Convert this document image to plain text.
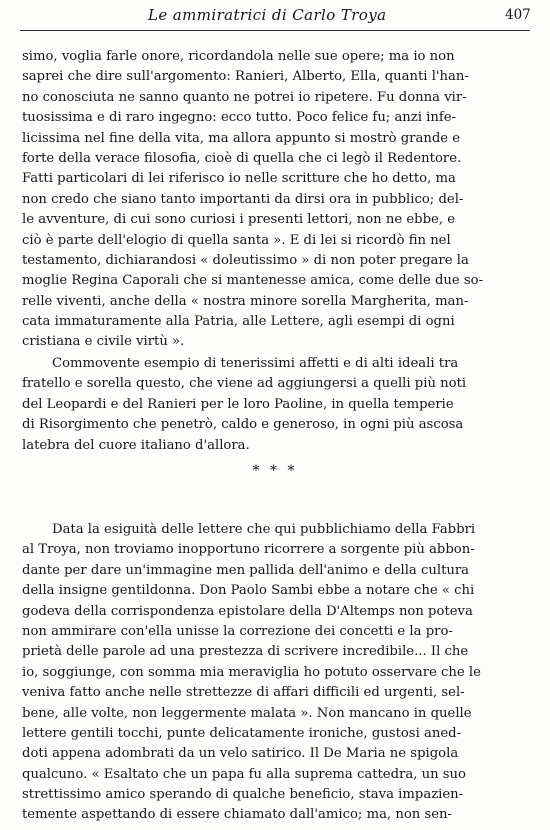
Le ammiratrici di Carlo Troya	407
simo, voglia farle onore, ricordandola nelle sue opere; ma io non
saprei che dire sull'argomento: Ranieri, Alberto, Ella, quanti l'han-
no conosciuta ne sanno quanto ne potrei io ripetere. Fu donna vir-
tuosissima e di raro ingegno: ecco tutto. Poco felice fu; anzi infe-
licissima nel fine della vita, ma allora appunto si mostrò grande e
forte della verace filosofia, cioè di quella che ci legò il Redentore.
Fatti particolari di lei riferisco io nelle scritture che ho detto, ma
non credo che siano tanto importanti da dirsi ora in pubblico; del-
le avventure, di cui sono curiosi i presenti lettori, non ne ebbe, e
ciò è parte dell'elogio di quella santa ». E di lei si ricordò fin nel
testamento, dichiarandosi « doleutissimo » di non poter pregare la
moglie Regina Caporali che si mantenesse amica, come delle due so-
relle viventi, anche della « nostra minore sorella Margherita, man-
cata immaturamente alla Patria, alle Lettere, agli esempi di ogni
cristiana e civile virtù ».
Commovente esempio di tenerissimi affetti e di alti ideali tra
fratello e sorella questo, che viene ad aggiungersi a quelli più noti
del Leopardi e del Ranieri per le loro Paoline, in quella temperie
di Risorgimento che penetrò, caldo e generoso, in ogni più ascosa
latebra del cuore italiano d'allora.
* * *
Data la esiguità delle lettere che qui pubblichiamo della Fabbri
al Troya, non troviamo inopportuno ricorrere a sorgente più abbon-
dante per dare un'immagine men pallida dell'animo e della cultura
della insigne gentildonna. Don Paolo Sambi ebbe a notare che « chi
godeva della corrispondenza epistolare della D'Altemps non poteva
non ammirare con'ella unisse la correzione dei concetti e la pro-
prietà delle parole ad una prestezza di scrivere incredibile... Il che
io, soggiunge, con somma mia meraviglia ho potuto osservare che le
veniva fatto anche nelle strettezze di affari difficili ed urgenti, sel-
bene, alle volte, non leggermente malata ». Non mancano in quelle
lettere gentili tocchi, punte delicatamente ironiche, gustosi aned-
doti appena adombrati da un velo satirico. Il De Maria ne spigola
qualcuno. « Esaltato che un papa fu alla suprema cattedra, un suo
strettissimo amico sperando di qualche beneficio, stava impazien-
temente aspettando di essere chiamato dall'amico; ma, non sen-
